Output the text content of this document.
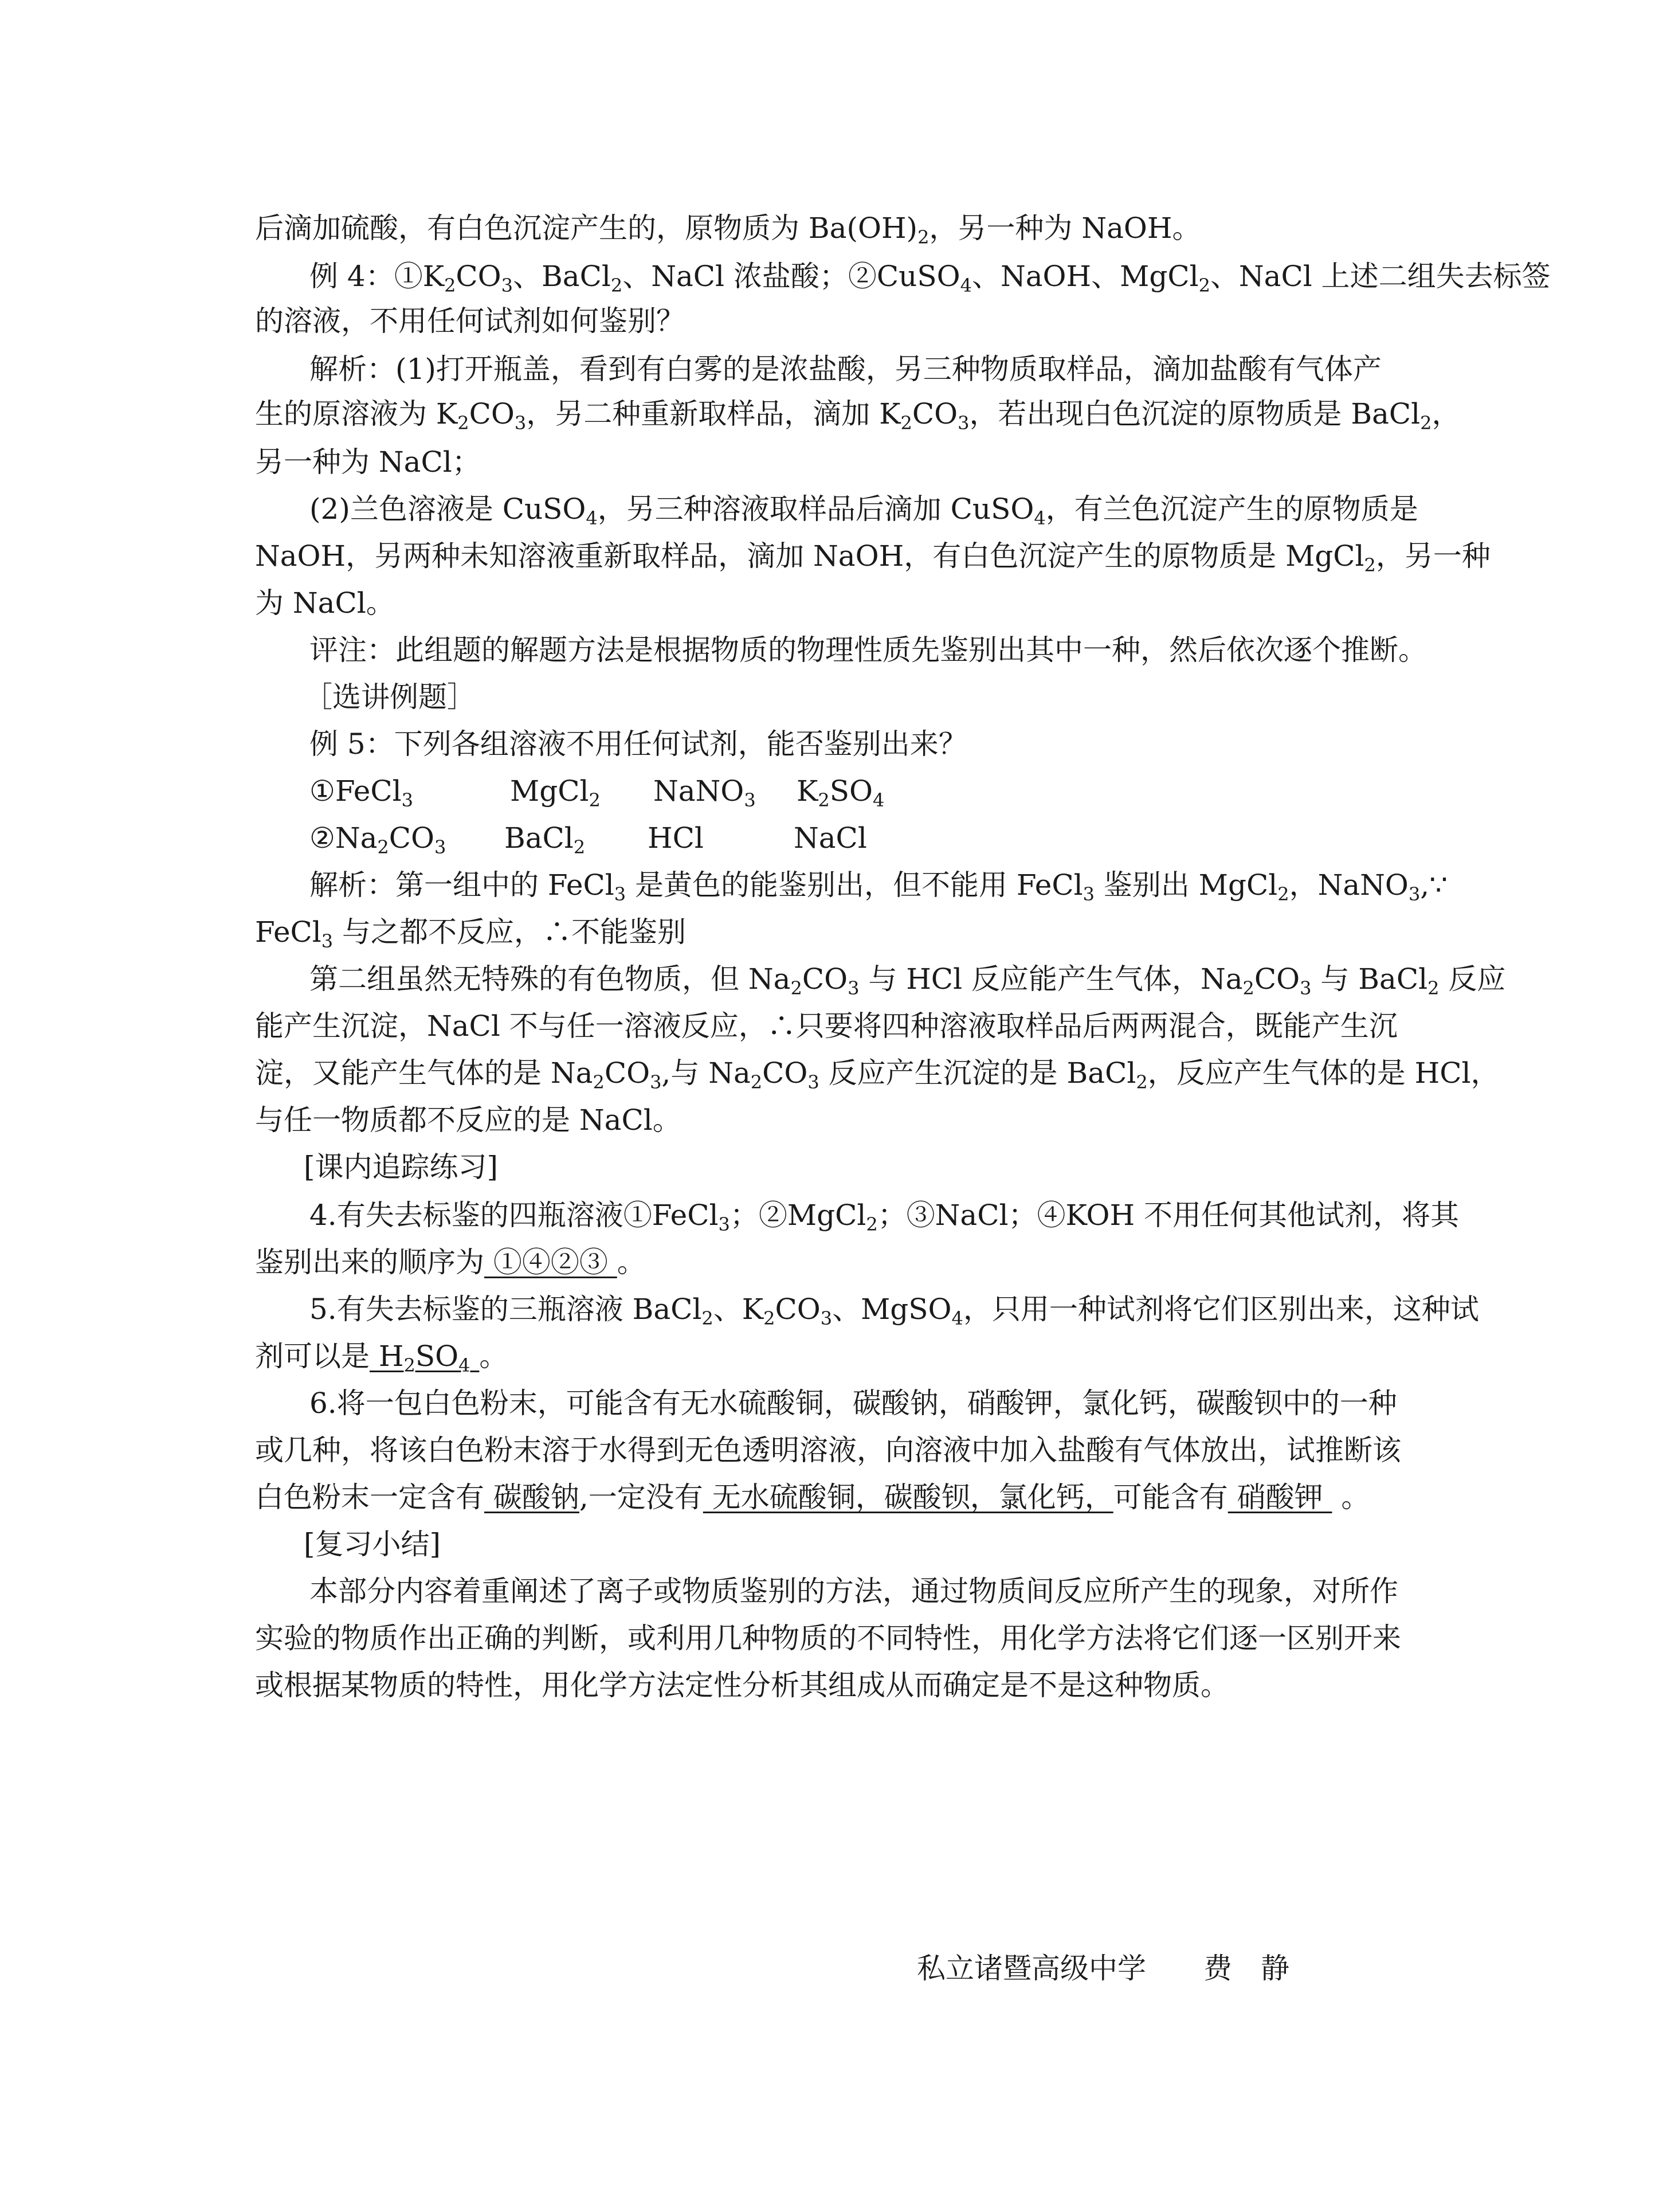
后滴加硫酸，有白色沉淀产生的，原物质为 $Ba(OH)_2$，另一种为 NaOH。
例 4：$①K_2CO_3$、BaCl$_2$、NaCl 浓盐酸；②CuSO$_4$、NaOH、MgCl$_2$、NaCl 上述二组失去标签
的溶液，不用任何试剂如何鉴别？
解析：(1)打开瓶盖，看到有白雾的是浓盐酸，另三种物质取样品，滴加盐酸有气体产
生的原溶液为 $K_2CO_3$，另二种重新取样品，滴加 $K_2CO_3$，若出现白色沉淀的原物质是 BaCl$_2$，
另一种为 NaCl；
(2)兰色溶液是 CuSO$_4$，另三种溶液取样品后滴加 CuSO$_4$，有兰色沉淀产生的原物质是
NaOH，另两种未知溶液重新取样品，滴加 NaOH，有白色沉淀产生的原物质是 MgCl$_2$，另一种
为 NaCl。
评注：此组题的解题方法是根据物质的物理性质先鉴别出其中一种，然后依次逐个推断。
［选讲例题］
例 5：下列各组溶液不用任何试剂，能否鉴别出来？
①FeCl$_3$	MgCl$_2$ NaNO$_3$ $K_2SO_4$
$②Na_2CO_3$ BaCl$_2$ HCl	NaCl
解析：第一组中的 FeCl$_3$ 是黄色的能鉴别出，但不能用 FeCl$_3$ 鉴别出 MgCl$_2$，NaNO$_3$,∵
FeCl$_3$ 与之都不反应，∴不能鉴别
第二组虽然无特殊的有色物质，但 $Na_2CO_3$ 与 HCl 反应能产生气体，$Na_2CO_3$ 与 BaCl$_2$ 反应
能产生沉淀，NaCl 不与任一溶液反应，∴只要将四种溶液取样品后两两混合，既能产生沉
淀，又能产生气体的是 $Na_2CO_3$,与 $Na_2CO_3$ 反应产生沉淀的是 BaCl$_2$，反应产生气体的是 HCl，
与任一物质都不反应的是 NaCl。
[课内追踪练习]
4.有失去标鉴的四瓶溶液①FeCl$_3$；②MgCl$_2$；③NaCl；④KOH 不用任何其他试剂，将其
鉴别出来的顺序为 ①④②③ 。
5.有失去标鉴的三瓶溶液 BaCl$_2$、$K_2CO_3$、MgSO$_4$，只用一种试剂将它们区别出来，这种试
剂可以是 $H_2SO_4$ 。
6.将一包白色粉末，可能含有无水硫酸铜，碳酸钠，硝酸钾，氯化钙，碳酸钡中的一种
或几种，将该白色粉末溶于水得到无色透明溶液，向溶液中加入盐酸有气体放出，试推断该
白色粉末一定含有 碳酸钠,一定没有 无水硫酸铜，碳酸钡，氯化钙，可能含有 硝酸钾  。
[复习小结]
本部分内容着重阐述了离子或物质鉴别的方法，通过物质间反应所产生的现象，对所作
实验的物质作出正确的判断，或利用几种物质的不同特性，用化学方法将它们逐一区别开来
或根据某物质的特性，用化学方法定性分析其组成从而确定是不是这种物质。
私立诸暨高级中学　　费　静
